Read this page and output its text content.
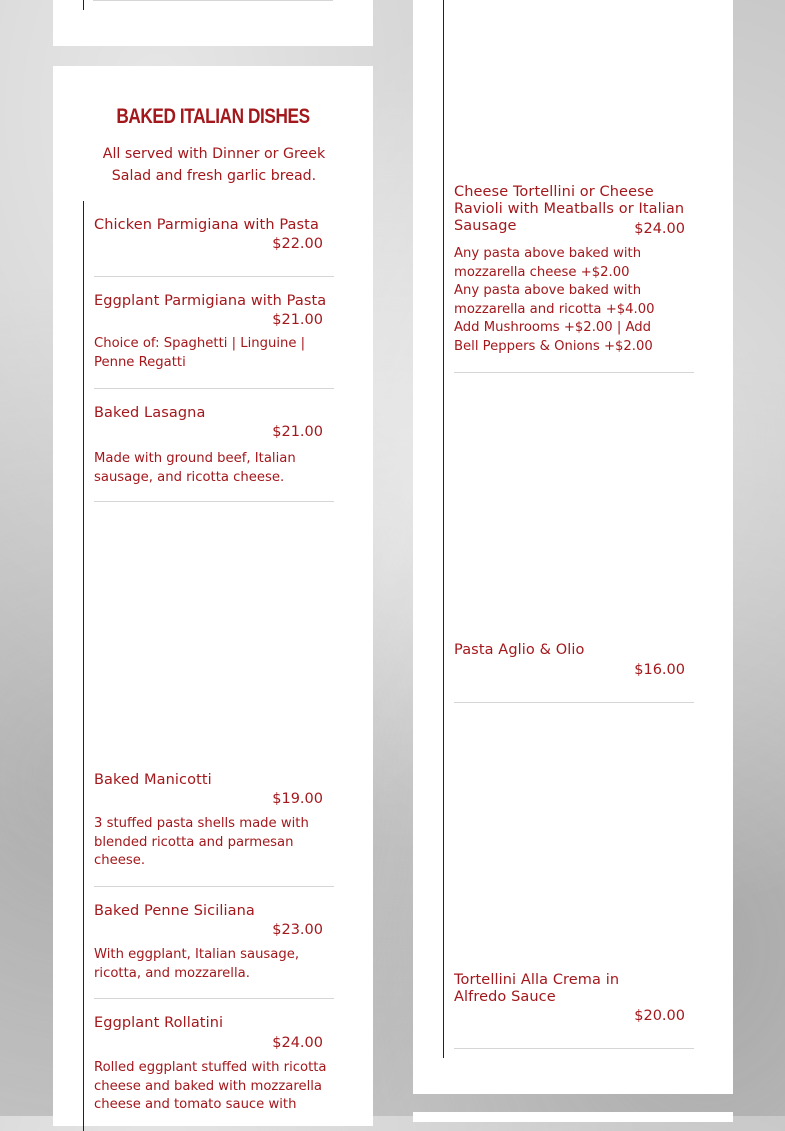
BAKED ITALIAN DISHES
All served with Dinner or Greek Salad and fresh garlic bread.
Chicken Parmigiana with Pasta
$22.00
Eggplant Parmigiana with Pasta
$21.00
Choice of: Spaghetti | Linguine | Penne Regatti
Baked Lasagna
$21.00
Made with ground beef, Italian sausage, and ricotta cheese.
Baked Manicotti
$19.00
3 stuffed pasta shells made with blended ricotta and parmesan cheese.
Baked Penne Siciliana
$23.00
With eggplant, Italian sausage, ricotta, and mozzarella.
Eggplant Rollatini
$24.00
Rolled eggplant stuffed with ricotta cheese and baked with mozzarella cheese and tomato sauce with
Cheese Tortellini or Cheese Ravioli with Meatballs or Italian Sausage	$24.00
Any pasta above baked with mozzarella cheese +$2.00
Any pasta above baked with mozzarella and ricotta +$4.00
Add Mushrooms +$2.00 | Add Bell Peppers & Onions +$2.00
Pasta Aglio & Olio
$16.00
Tortellini Alla Crema in Alfredo Sauce
$20.00
